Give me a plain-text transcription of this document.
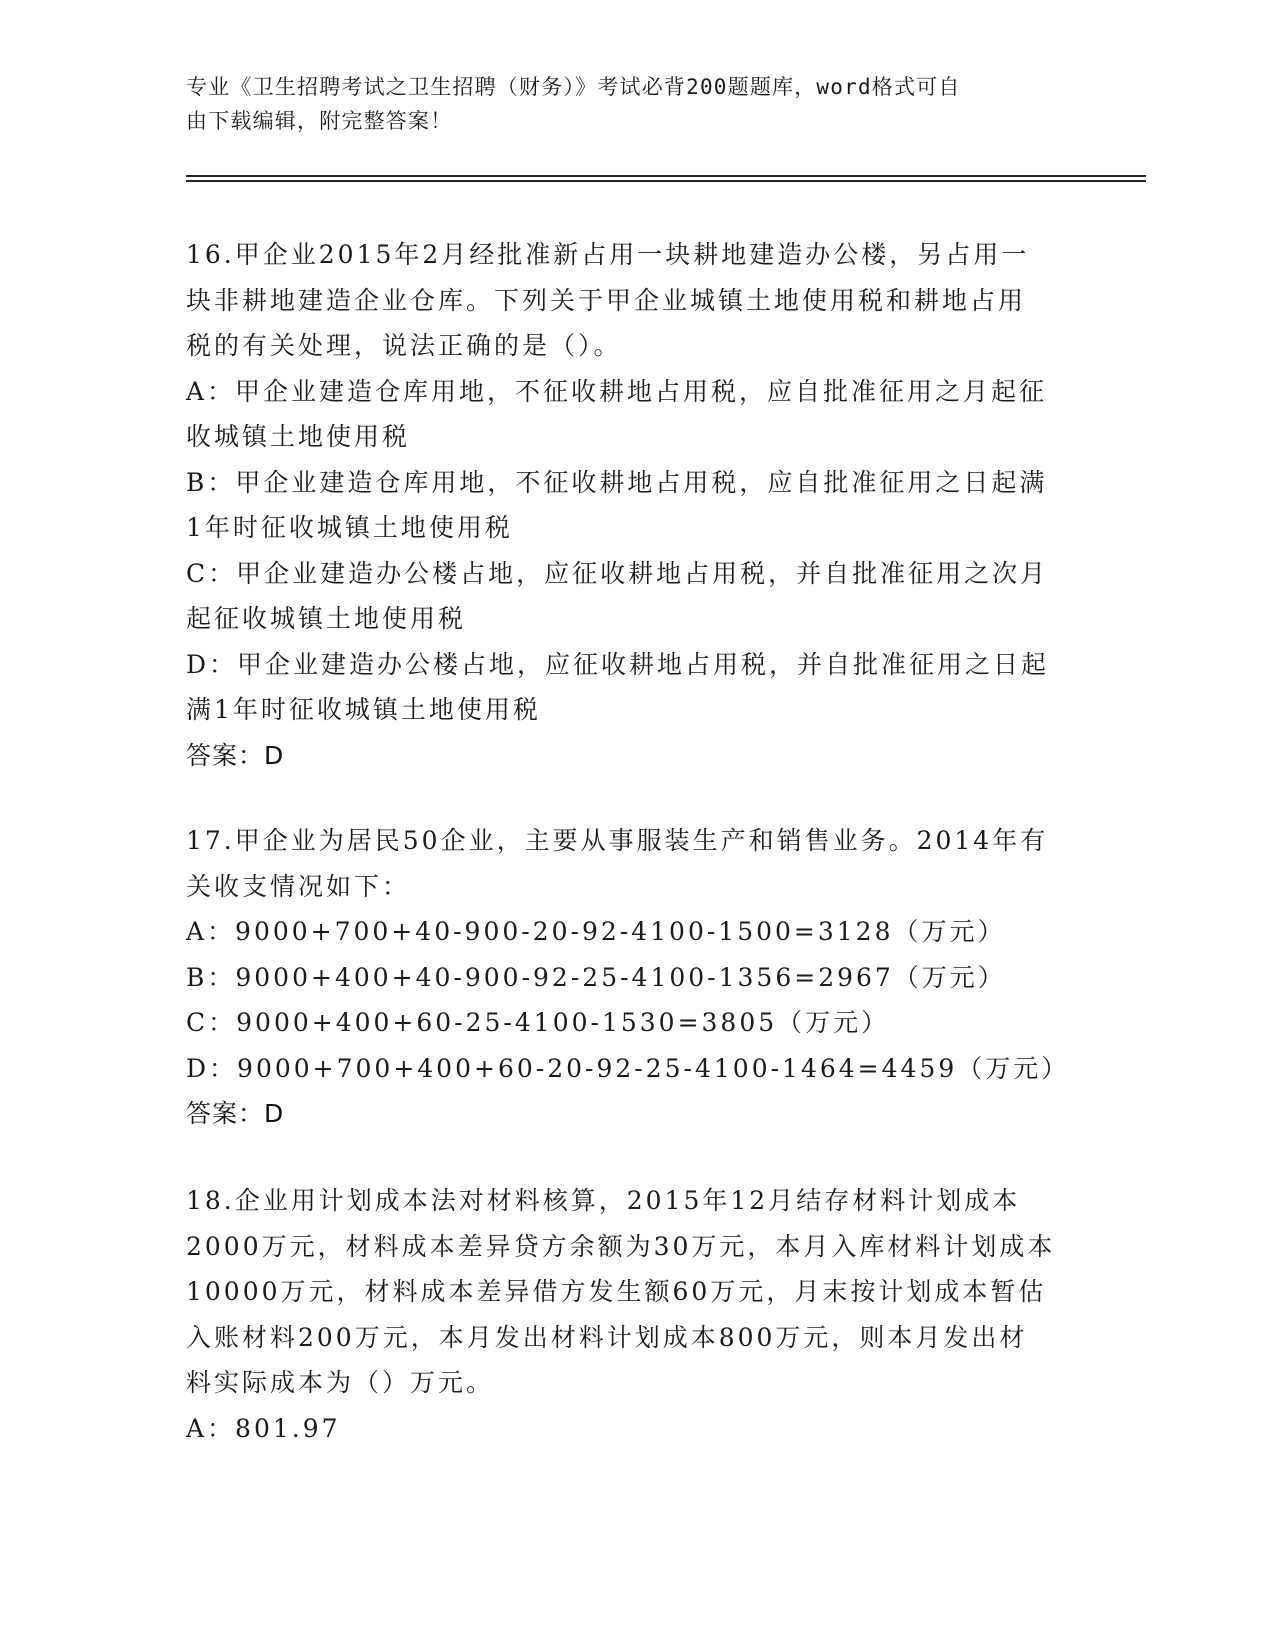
专业《卫生招聘考试之卫生招聘（财务）》考试必背200题题库，word格式可自
由下载编辑，附完整答案！
16.甲企业2015年2月经批准新占用一块耕地建造办公楼，另占用一
块非耕地建造企业仓库。下列关于甲企业城镇土地使用税和耕地占用
税的有关处理，说法正确的是（）。
A：甲企业建造仓库用地，不征收耕地占用税，应自批准征用之月起征
收城镇土地使用税
B：甲企业建造仓库用地，不征收耕地占用税，应自批准征用之日起满
1年时征收城镇土地使用税
C：甲企业建造办公楼占地，应征收耕地占用税，并自批准征用之次月
起征收城镇土地使用税
D：甲企业建造办公楼占地，应征收耕地占用税，并自批准征用之日起
满1年时征收城镇土地使用税
答案：D
17.甲企业为居民50企业，主要从事服装生产和销售业务。2014年有
关收支情况如下：
A：9000+700+40-900-20-92-4100-1500=3128（万元）
B：9000+400+40-900-92-25-4100-1356=2967（万元）
C：9000+400+60-25-4100-1530=3805（万元）
D：9000+700+400+60-20-92-25-4100-1464=4459（万元）
答案：D
18.企业用计划成本法对材料核算，2015年12月结存材料计划成本
2000万元，材料成本差异贷方余额为30万元，本月入库材料计划成本
10000万元，材料成本差异借方发生额60万元，月末按计划成本暂估
入账材料200万元，本月发出材料计划成本800万元，则本月发出材
料实际成本为（）万元。
A：801.97
